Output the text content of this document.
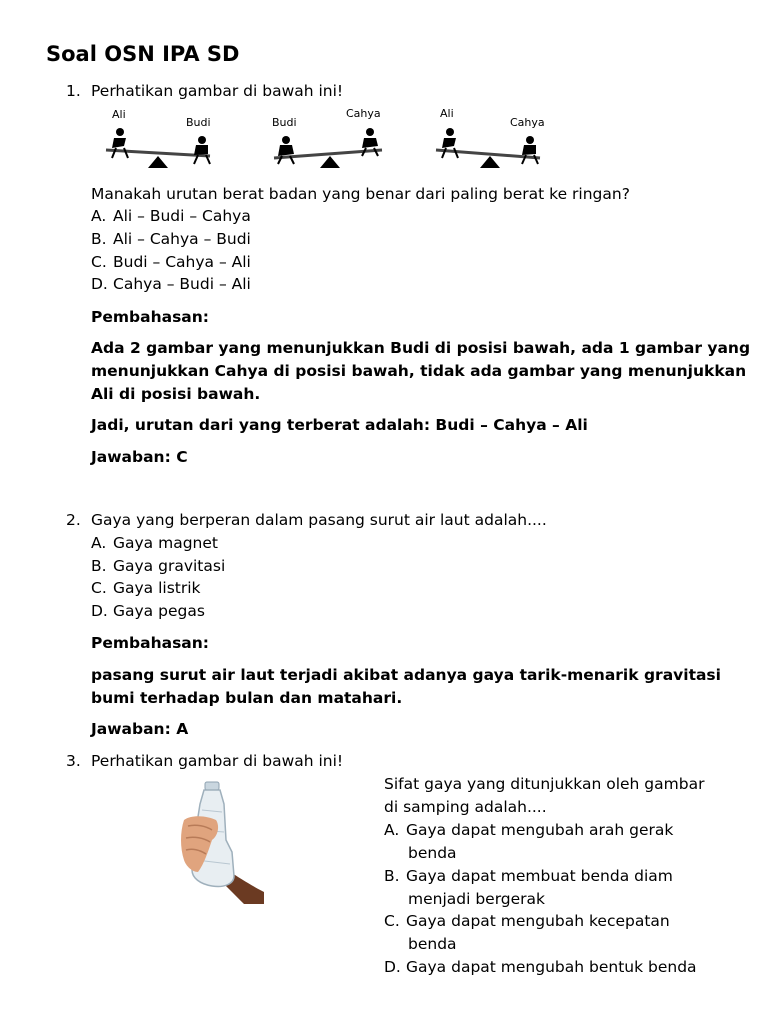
Soal OSN IPA SD
1. Perhatikan gambar di bawah ini!
Ali
Budi	Budi
Cahya	Ali
Cahya
Manakah urutan berat badan yang benar dari paling berat ke ringan?
A. Ali – Budi – Cahya
B. Ali – Cahya – Budi
C. Budi – Cahya – Ali
D. Cahya – Budi – Ali
Pembahasan:
Ada 2 gambar yang menunjukkan Budi di posisi bawah, ada 1 gambar yang
menunjukkan Cahya di posisi bawah, tidak ada gambar yang menunjukkan
Ali di posisi bawah.
Jadi, urutan dari yang terberat adalah: Budi – Cahya – Ali
Jawaban: C
2. Gaya yang berperan dalam pasang surut air laut adalah....
A. Gaya magnet
B. Gaya gravitasi
C. Gaya listrik
D. Gaya pegas
Pembahasan:
pasang surut air laut terjadi akibat adanya gaya tarik-menarik gravitasi
bumi terhadap bulan dan matahari.
Jawaban: A
3. Perhatikan gambar di bawah ini!
Sifat gaya yang ditunjukkan oleh gambar
di samping adalah....
A. Gaya dapat mengubah arah gerak
benda
B. Gaya dapat membuat benda diam
menjadi bergerak
C. Gaya dapat mengubah kecepatan
benda
D. Gaya dapat mengubah bentuk benda
